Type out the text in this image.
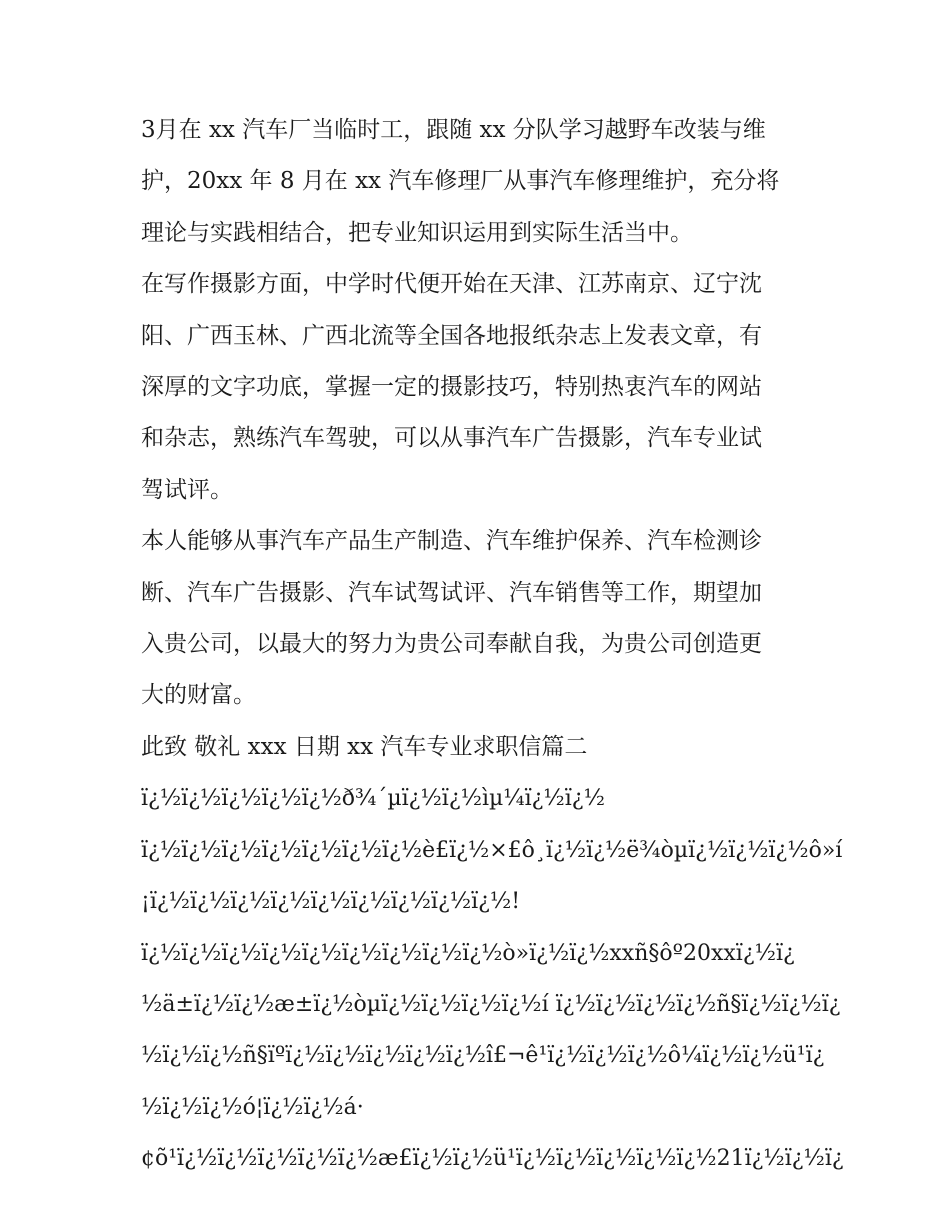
3月在 xx 汽车厂当临时工，跟随 xx 分队学习越野车改装与维

护，20xx 年 8 月在 xx 汽车修理厂从事汽车修理维护，充分将

理论与实践相结合，把专业知识运用到实际生活当中。

在写作摄影方面，中学时代便开始在天津、江苏南京、辽宁沈

阳、广西玉林、广西北流等全国各地报纸杂志上发表文章，有

深厚的文字功底，掌握一定的摄影技巧，特别热衷汽车的网站

和杂志，熟练汽车驾驶，可以从事汽车广告摄影，汽车专业试

驾试评。

本人能够从事汽车产品生产制造、汽车维护保养、汽车检测诊

断、汽车广告摄影、汽车试驾试评、汽车销售等工作，期望加

入贵公司，以最大的努力为贵公司奉献自我，为贵公司创造更

大的财富。

此致 敬礼 xxx 日期 xx 汽车专业求职信篇二

ï¿½ï¿½ï¿½ï¿½ï¿½ð¾´µï¿½ï¿½ìµ¼ï¿½ï¿½

ï¿½ï¿½ï¿½ï¿½ï¿½ï¿½ï¿½è£ï¿½×£ô¸ï¿½ï¿½ë¾òµï¿½ï¿½ï¿½ô»í

¡ï¿½ï¿½ï¿½ï¿½ï¿½ï¿½ï¿½ï¿½ï¿½!

ï¿½ï¿½ï¿½ï¿½ï¿½ï¿½ï¿½ï¿½ï¿½ò»ï¿½ï¿½xxñ§ôº20xxï¿½ï¿

½ä±ï¿½ï¿½æ±ï¿½òµï¿½ï¿½ï¿½ï¿½í ï¿½ï¿½ï¿½ï¿½ñ§ï¿½ï¿½ï¿

½ï¿½ï¿½ñ§ïºï¿½ï¿½ï¿½ï¿½ï¿½î£¬ê¹ï¿½ï¿½ï¿½ô¼ï¿½ï¿½ü¹ï¿

½ï¿½ï¿½ó¦ï¿½ï¿½á·

¢õ¹ï¿½ï¿½ï¿½ï¿½ï¿½æ£ï¿½ï¿½ü¹ï¿½ï¿½ï¿½ï¿½ï¿½21ï¿½ï¿½ï¿
